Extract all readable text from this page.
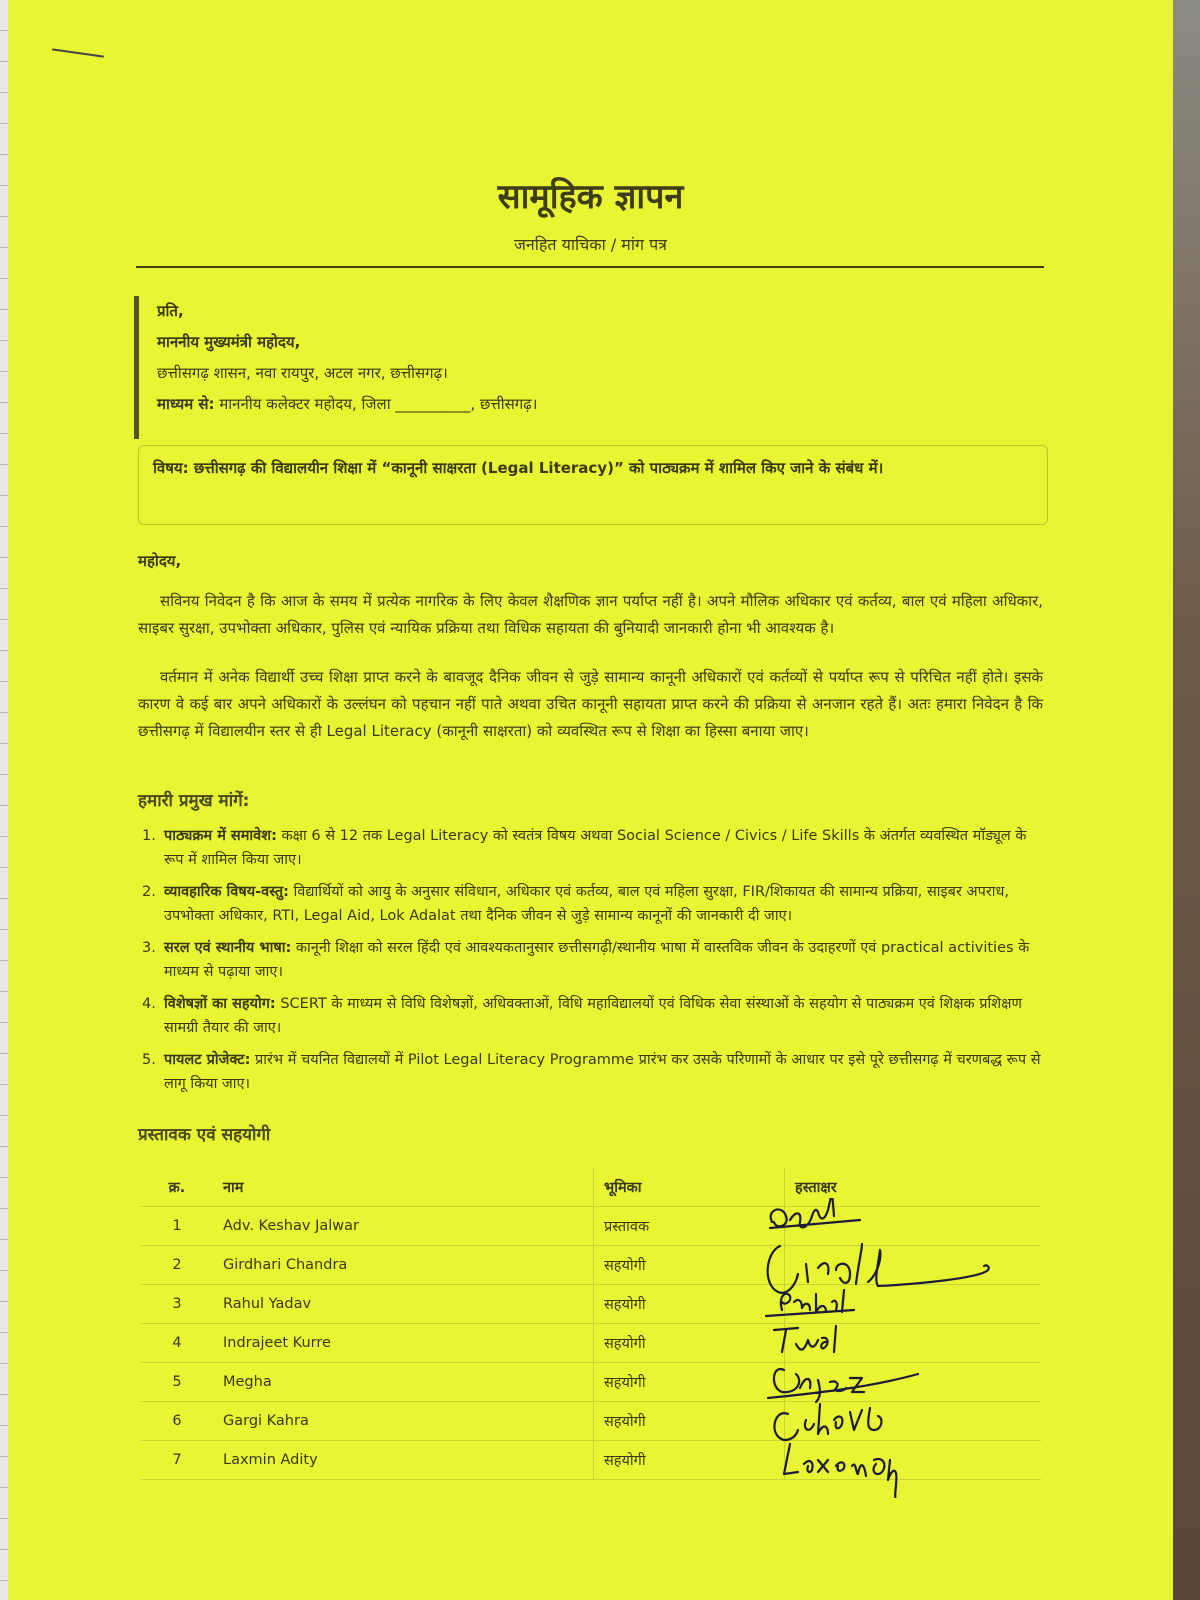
सामूहिक ज्ञापन
जनहित याचिका / मांग पत्र
प्रति,
माननीय मुख्यमंत्री महोदय,
छत्तीसगढ़ शासन, नवा रायपुर, अटल नगर, छत्तीसगढ़।
माध्यम से: माननीय कलेक्टर महोदय, जिला __________, छत्तीसगढ़।
विषय: छत्तीसगढ़ की विद्यालयीन शिक्षा में “कानूनी साक्षरता (Legal Literacy)” को पाठ्यक्रम में शामिल किए जाने के संबंध में।
महोदय,
सविनय निवेदन है कि आज के समय में प्रत्येक नागरिक के लिए केवल शैक्षणिक ज्ञान पर्याप्त नहीं है। अपने मौलिक अधिकार एवं कर्तव्य, बाल एवं महिला अधिकार, साइबर सुरक्षा, उपभोक्ता अधिकार, पुलिस एवं न्यायिक प्रक्रिया तथा विधिक सहायता की बुनियादी जानकारी होना भी आवश्यक है।
वर्तमान में अनेक विद्यार्थी उच्च शिक्षा प्राप्त करने के बावजूद दैनिक जीवन से जुड़े सामान्य कानूनी अधिकारों एवं कर्तव्यों से पर्याप्त रूप से परिचित नहीं होते। इसके कारण वे कई बार अपने अधिकारों के उल्लंघन को पहचान नहीं पाते अथवा उचित कानूनी सहायता प्राप्त करने की प्रक्रिया से अनजान रहते हैं। अतः हमारा निवेदन है कि छत्तीसगढ़ में विद्यालयीन स्तर से ही Legal Literacy (कानूनी साक्षरता) को व्यवस्थित रूप से शिक्षा का हिस्सा बनाया जाए।
हमारी प्रमुख मांगें:
1. पाठ्यक्रम में समावेश: कक्षा 6 से 12 तक Legal Literacy को स्वतंत्र विषय अथवा Social Science / Civics / Life Skills के अंतर्गत व्यवस्थित मॉड्यूल के रूप में शामिल किया जाए।
2. व्यावहारिक विषय-वस्तु: विद्यार्थियों को आयु के अनुसार संविधान, अधिकार एवं कर्तव्य, बाल एवं महिला सुरक्षा, FIR/शिकायत की सामान्य प्रक्रिया, साइबर अपराध, उपभोक्ता अधिकार, RTI, Legal Aid, Lok Adalat तथा दैनिक जीवन से जुड़े सामान्य कानूनों की जानकारी दी जाए।
3. सरल एवं स्थानीय भाषा: कानूनी शिक्षा को सरल हिंदी एवं आवश्यकतानुसार छत्तीसगढ़ी/स्थानीय भाषा में वास्तविक जीवन के उदाहरणों एवं practical activities के माध्यम से पढ़ाया जाए।
4. विशेषज्ञों का सहयोग: SCERT के माध्यम से विधि विशेषज्ञों, अधिवक्ताओं, विधि महाविद्यालयों एवं विधिक सेवा संस्थाओं के सहयोग से पाठ्यक्रम एवं शिक्षक प्रशिक्षण सामग्री तैयार की जाए।
5. पायलट प्रोजेक्ट: प्रारंभ में चयनित विद्यालयों में Pilot Legal Literacy Programme प्रारंभ कर उसके परिणामों के आधार पर इसे पूरे छत्तीसगढ़ में चरणबद्ध रूप से लागू किया जाए।
प्रस्तावक एवं सहयोगी
क्र.	नाम	भूमिका	हस्ताक्षर
1	Adv. Keshav Jalwar	प्रस्तावक	
2	Girdhari Chandra	सहयोगी	
3	Rahul Yadav	सहयोगी	
4	Indrajeet Kurre	सहयोगी	
5	Megha	सहयोगी	
6	Gargi Kahra	सहयोगी	
7	Laxmin Adity	सहयोगी	
